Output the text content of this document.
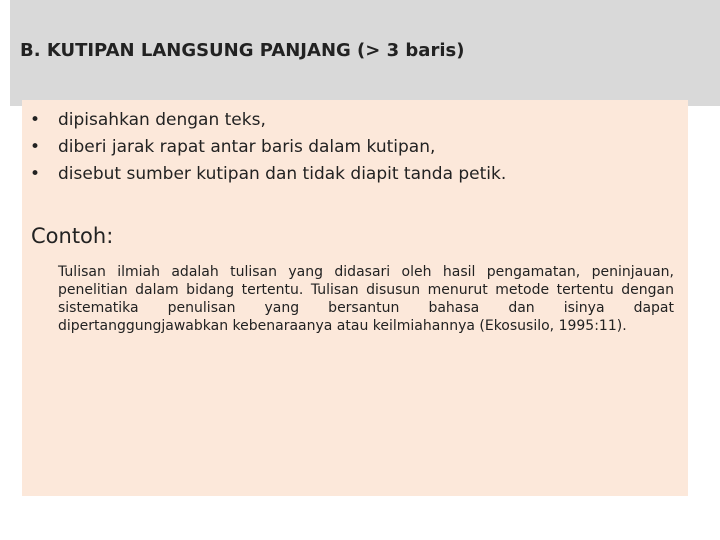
B. KUTIPAN LANGSUNG PANJANG (> 3 baris)
• dipisahkan dengan teks,
• diberi jarak rapat antar baris dalam kutipan,
• disebut sumber kutipan dan tidak diapit tanda petik.
Contoh:

Tulisan ilmiah adalah tulisan yang didasari oleh hasil pengamatan, peninjauan, penelitian dalam bidang tertentu. Tulisan disusun menurut metode tertentu dengan sistematika penulisan yang bersantun bahasa dan isinya dapat dipertanggungjawabkan kebenaraanya atau keilmiahannya (Ekosusilo, 1995:11).
